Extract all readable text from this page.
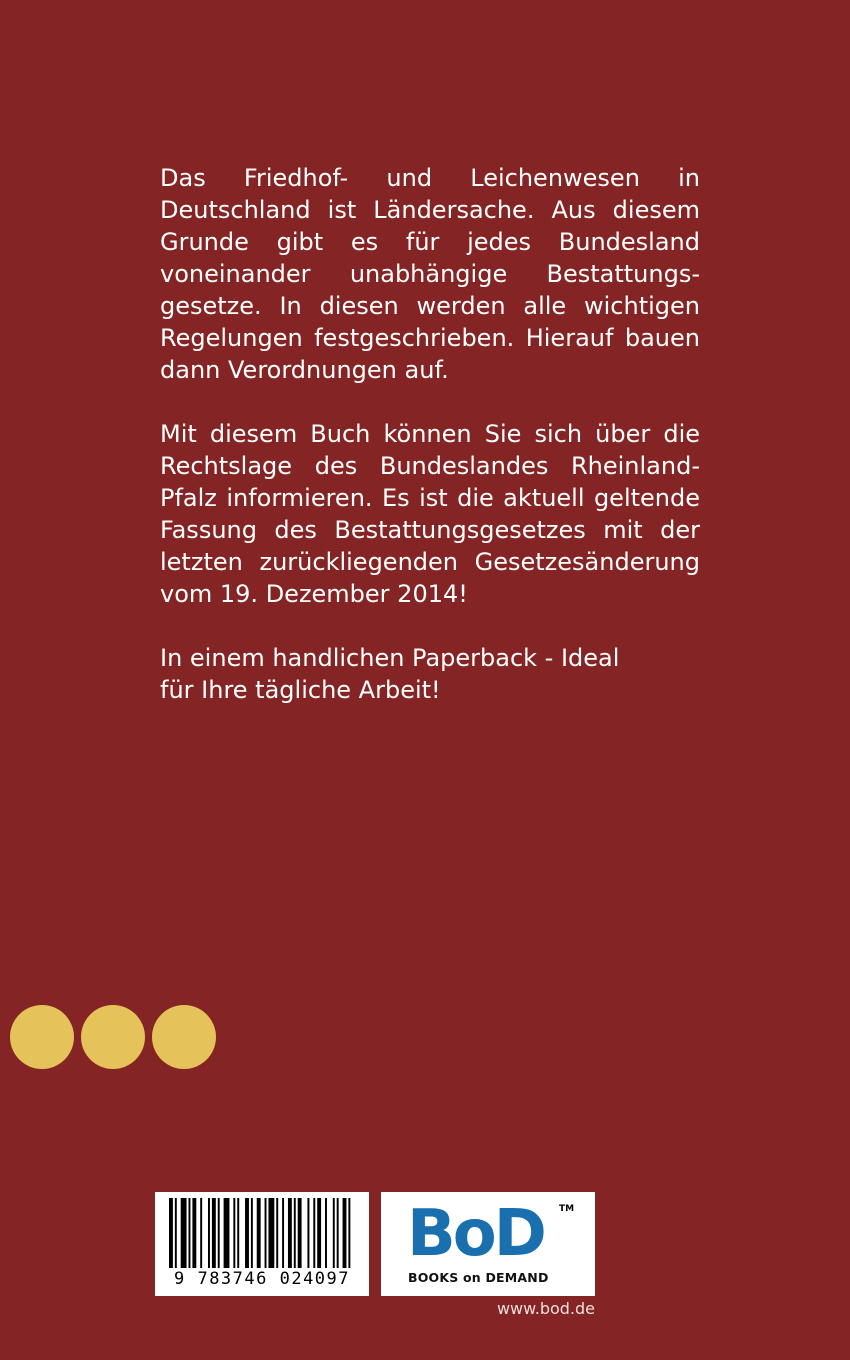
Das Friedhof- und Leichenwesen in Deutschland ist Ländersache. Aus diesem Grunde gibt es für jedes Bundesland voneinander unabhängige Bestattungsgesetze. In diesen werden alle wichtigen Regelungen festgeschrieben. Hierauf bauen dann Verordnungen auf.

Mit diesem Buch können Sie sich über die Rechtslage des Bundeslandes Rheinland-Pfalz informieren. Es ist die aktuell geltende Fassung des Bestattungsgesetzes mit der letzten zurückliegenden Gesetzesänderung vom 19. Dezember 2014!

In einem handlichen Paperback - Ideal für Ihre tägliche Arbeit!

9 783746 024097
BoD TM
BOOKS on DEMAND
www.bod.de
